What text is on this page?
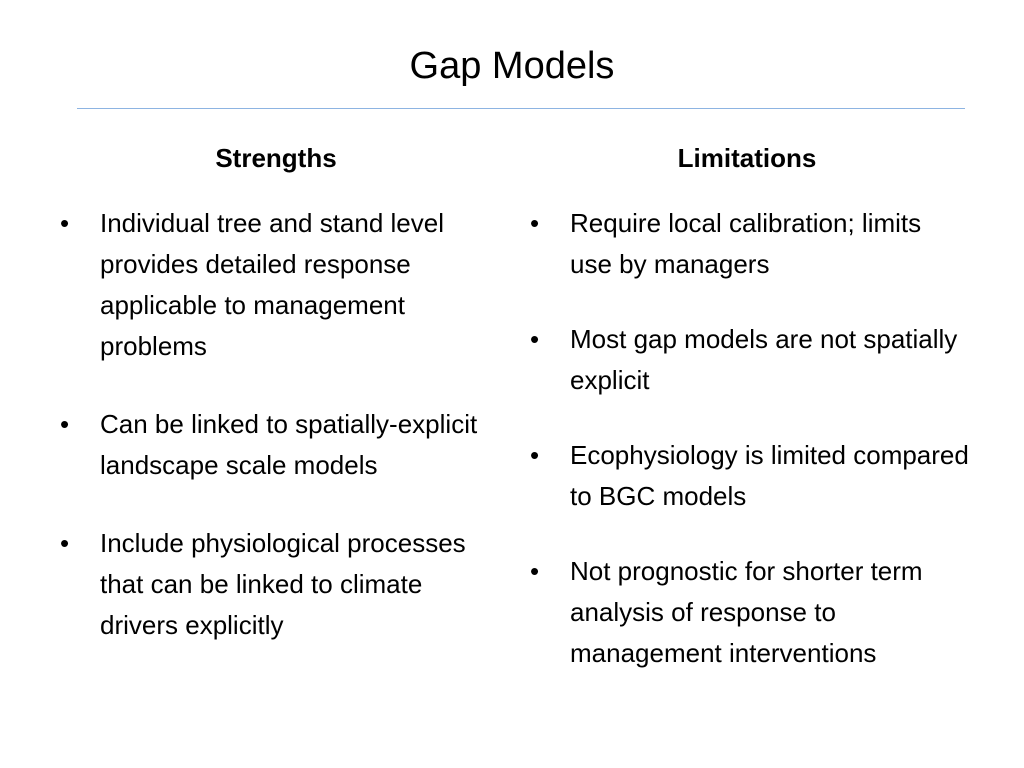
Gap Models
Strengths	Limitations
•	Individual tree and stand level provides detailed response applicable to management problems
•	Can be linked to spatially-explicit landscape scale models
•	Include physiological processes that can be linked to climate drivers explicitly
•	Require local calibration; limits use by managers
•	Most gap models are not spatially explicit
•	Ecophysiology is limited compared to BGC models
•	Not prognostic for shorter term analysis of response to management interventions
